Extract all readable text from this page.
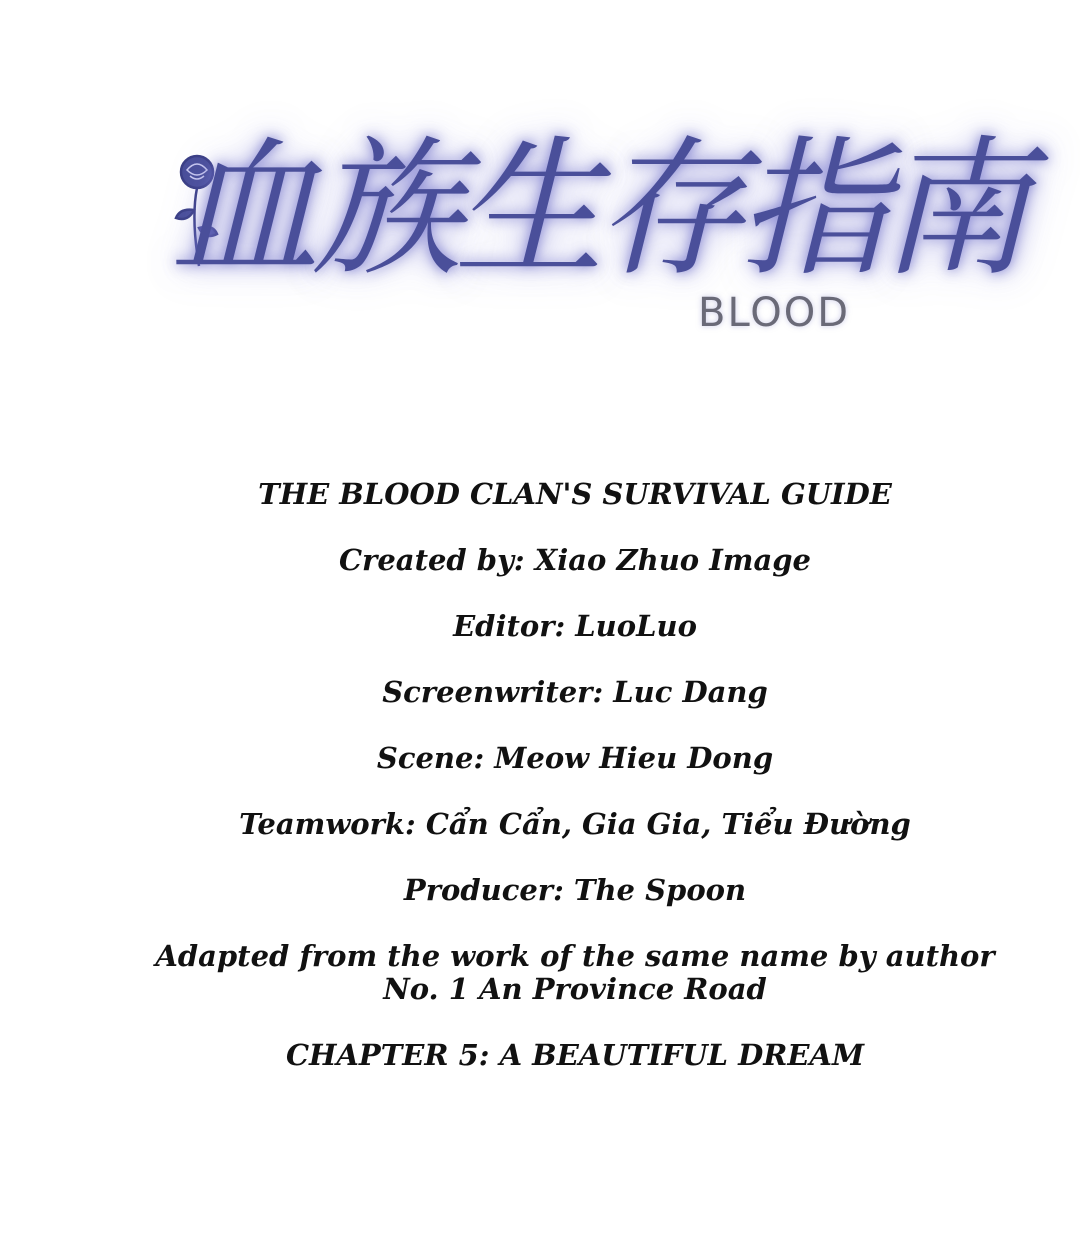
血族生存指南
BLOOD

THE BLOOD CLAN'S SURVIVAL GUIDE

Created by: Xiao Zhuo Image

Editor: LuoLuo

Screenwriter: Luc Dang

Scene: Meow Hieu Dong

Teamwork: Cẩn Cẩn, Gia Gia, Tiểu Đường

Producer: The Spoon

Adapted from the work of the same name by author

No. 1 An Province Road

CHAPTER 5: A BEAUTIFUL DREAM
